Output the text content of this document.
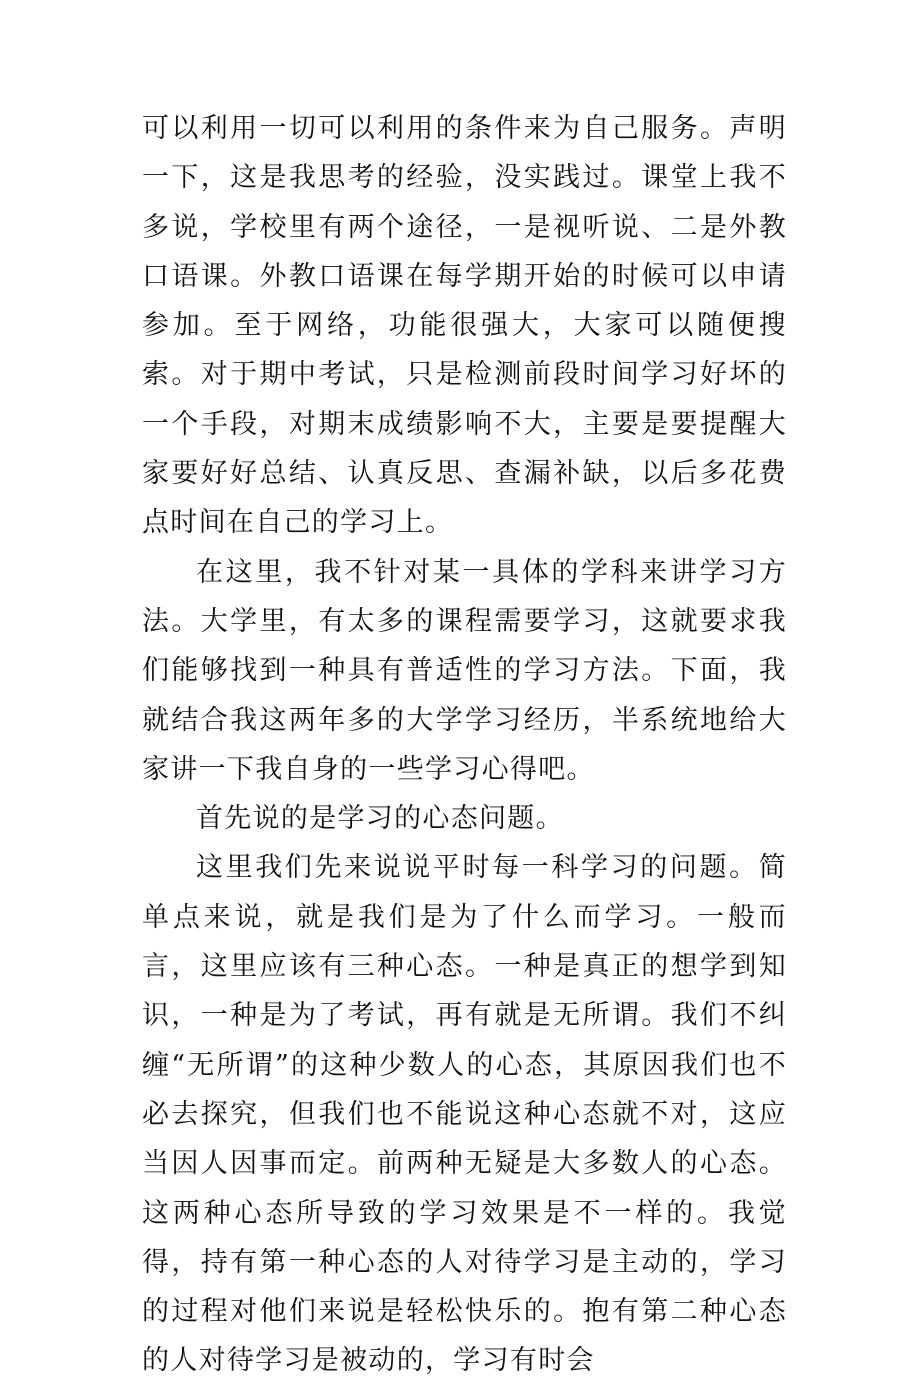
可以利用一切可以利用的条件来为自己服务。声明一下，这是我思考的经验，没实践过。课堂上我不多说，学校里有两个途径，一是视听说、二是外教口语课。外教口语课在每学期开始的时候可以申请参加。至于网络，功能很强大，大家可以随便搜索。对于期中考试，只是检测前段时间学习好坏的一个手段，对期末成绩影响不大，主要是要提醒大家要好好总结、认真反思、查漏补缺，以后多花费点时间在自己的学习上。

在这里，我不针对某一具体的学科来讲学习方法。大学里，有太多的课程需要学习，这就要求我们能够找到一种具有普适性的学习方法。下面，我就结合我这两年多的大学学习经历，半系统地给大家讲一下我自身的一些学习心得吧。

首先说的是学习的心态问题。

这里我们先来说说平时每一科学习的问题。简单点来说，就是我们是为了什么而学习。一般而言，这里应该有三种心态。一种是真正的想学到知识，一种是为了考试，再有就是无所谓。我们不纠缠“无所谓”的这种少数人的心态，其原因我们也不必去探究，但我们也不能说这种心态就不对，这应当因人因事而定。前两种无疑是大多数人的心态。这两种心态所导致的学习效果是不一样的。我觉得，持有第一种心态的人对待学习是主动的，学习的过程对他们来说是轻松快乐的。抱有第二种心态的人对待学习是被动的，学习有时会
